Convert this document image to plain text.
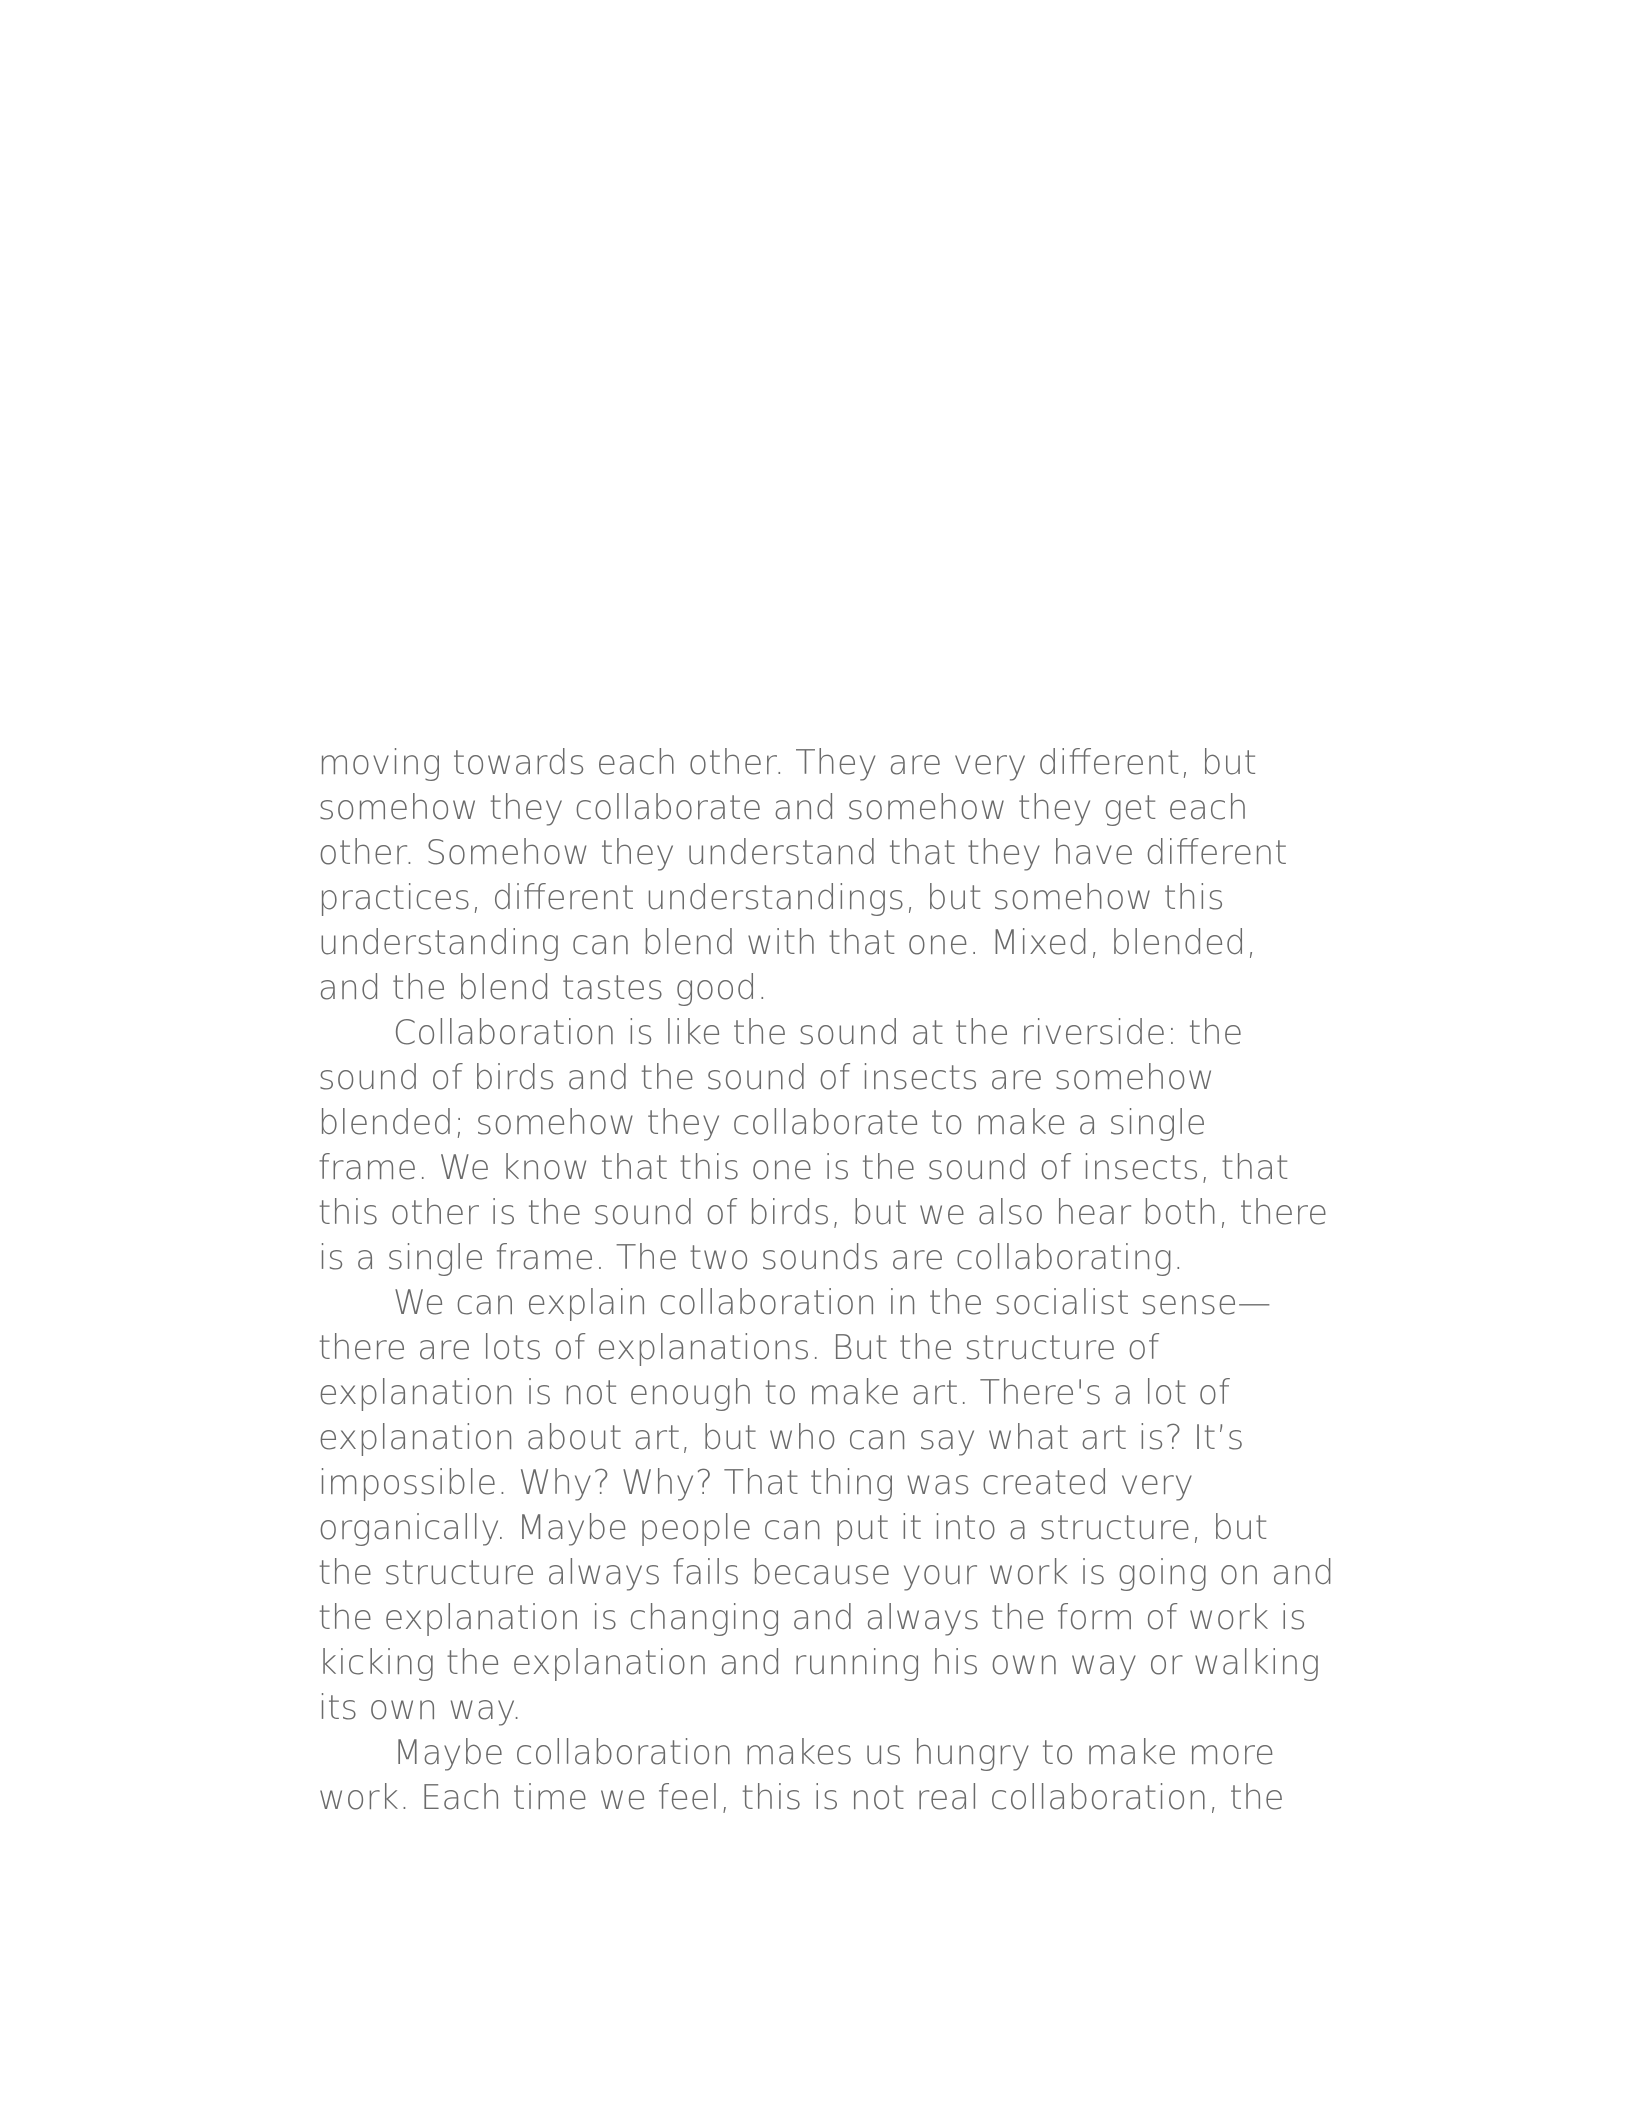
moving towards each other. They are very different, but
somehow they collaborate and somehow they get each
other. Somehow they understand that they have different
practices, different understandings, but somehow this
understanding can blend with that one. Mixed, blended,
and the blend tastes good.
Collaboration is like the sound at the riverside: the
sound of birds and the sound of insects are somehow
blended; somehow they collaborate to make a single
frame. We know that this one is the sound of insects, that
this other is the sound of birds, but we also hear both, there
is a single frame. The two sounds are collaborating.
We can explain collaboration in the socialist sense—
there are lots of explanations. But the structure of
explanation is not enough to make art. There's a lot of
explanation about art, but who can say what art is? It’s
impossible. Why? Why? That thing was created very
organically. Maybe people can put it into a structure, but
the structure always fails because your work is going on and
the explanation is changing and always the form of work is
kicking the explanation and running his own way or walking
its own way.
Maybe collaboration makes us hungry to make more
work. Each time we feel, this is not real collaboration, the
